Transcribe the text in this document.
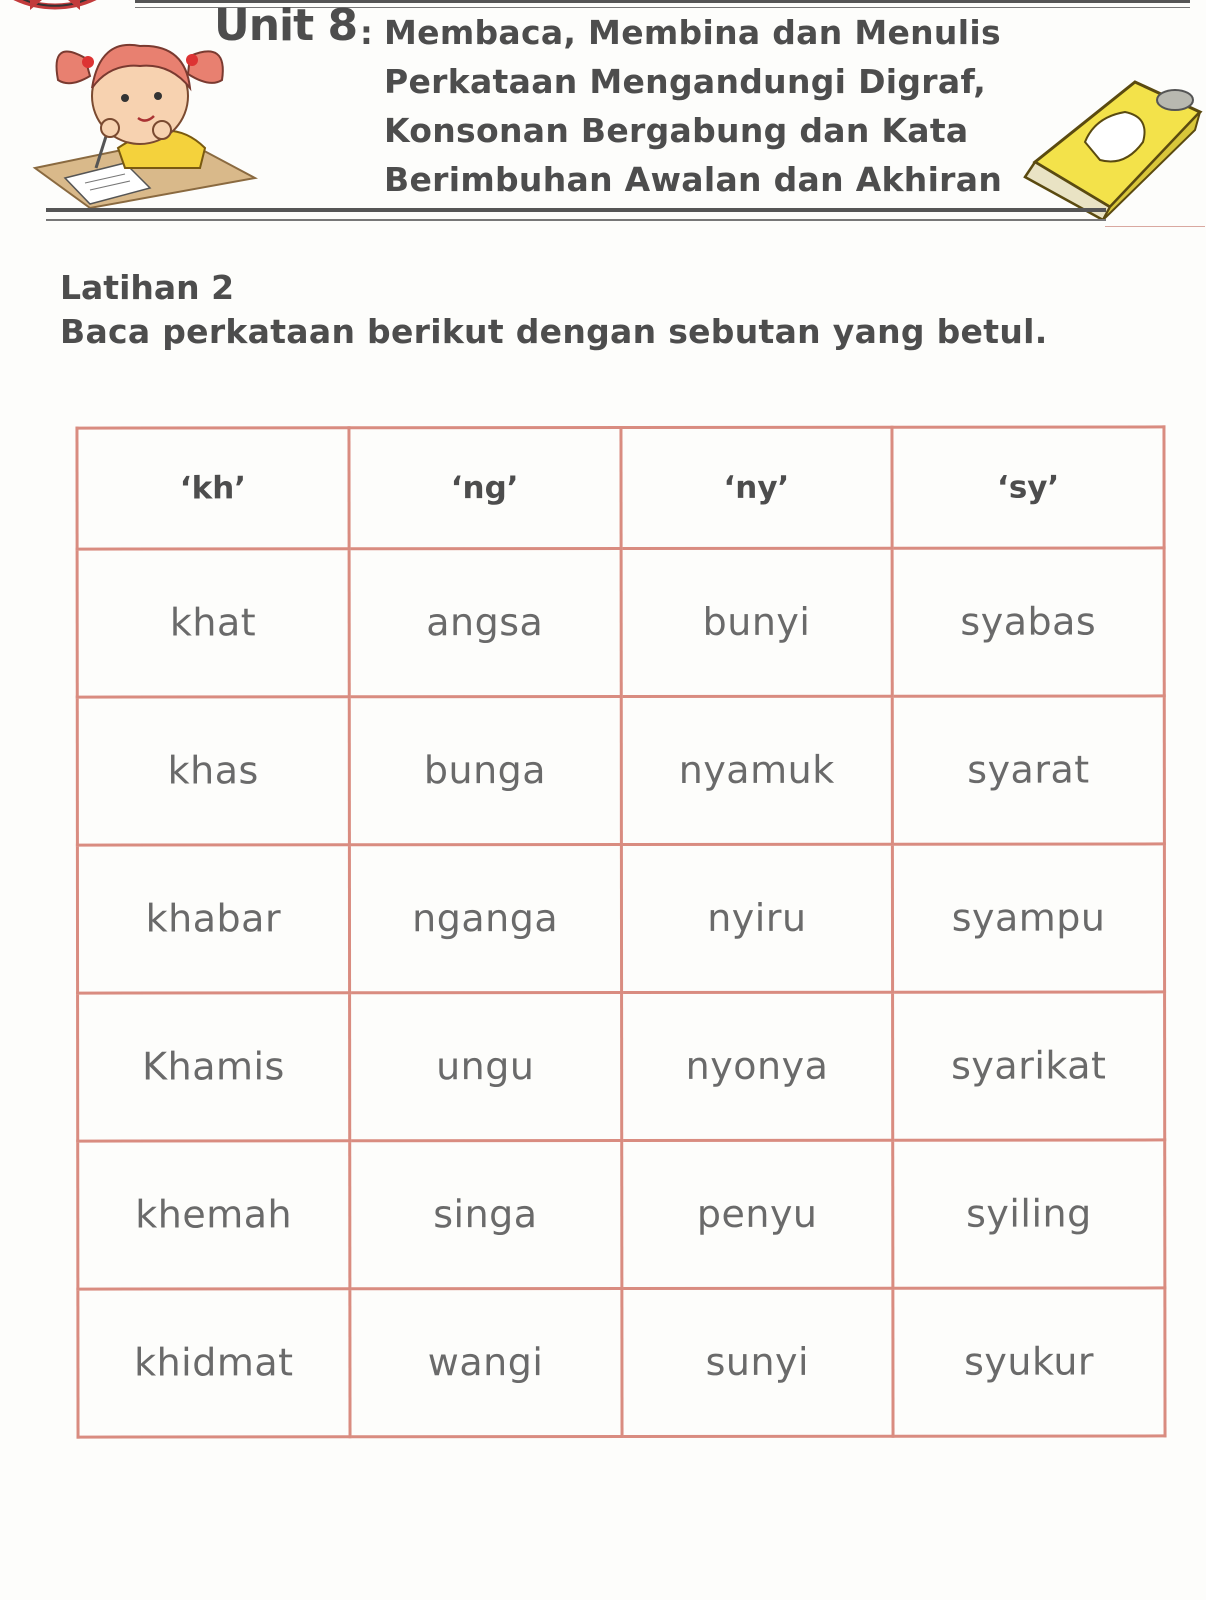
Unit 8 : Membaca, Membina dan Menulis
Perkataan Mengandungi Digraf,
Konsonan Bergabung dan Kata
Berimbuhan Awalan dan Akhiran
Latihan 2
Baca perkataan berikut dengan sebutan yang betul.
‘kh’	‘ng’	‘ny’	‘sy’
khat	angsa	bunyi	syabas
khas	bunga	nyamuk	syarat
khabar	nganga	nyiru	syampu
Khamis	ungu	nyonya	syarikat
khemah	singa	penyu	syiling
khidmat	wangi	sunyi	syukur
